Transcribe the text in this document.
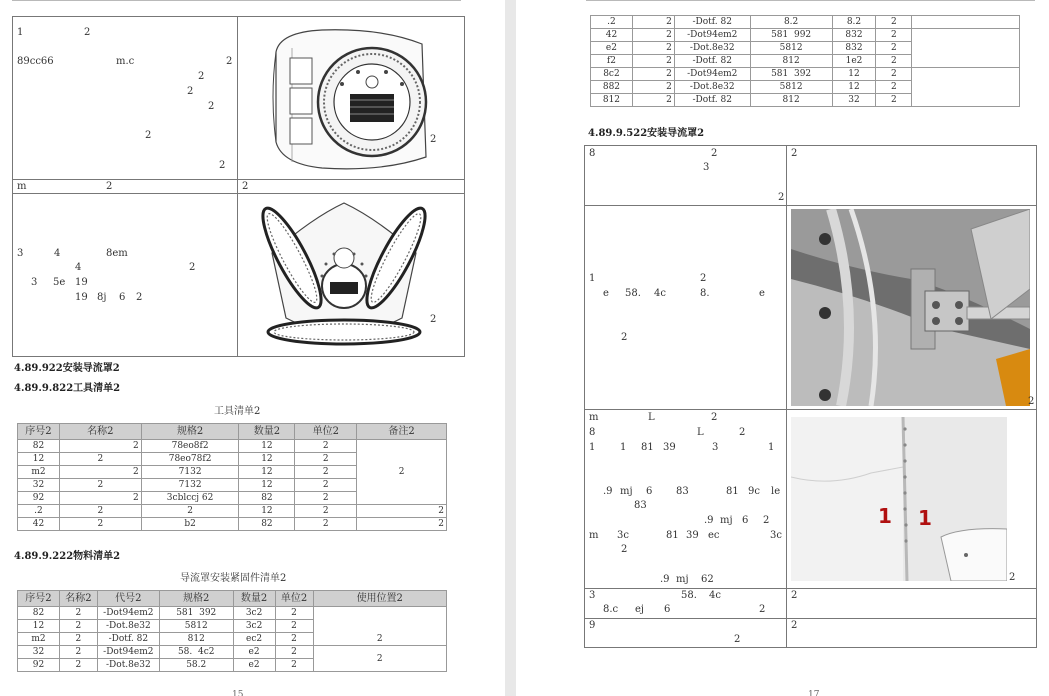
1	2
89cc66	m.c	2
2
2
2
2
2
2
m	2	2
3	4	8em
4	2
3 5e 19
19 8j 6 2
2
4.89.922安装导流罩2
4.89.9.822工具清单2
工具清单2
序号2	名称2	规格2	数量2	单位2	备注2
82	2	78eo8f2	12	2	2
12	2	78eo78f2	12	2	
m2	2	7132	12	2	
32	2	7132	12	2	
92	2	3cblccj 62	82	2	
.2	2	2	12	2	2
42	2	b2	82	2	2
4.89.9.222物料清单2
导流罩安装紧固件清单2
序号2	名称2	代号2	规格2	数量2	单位2	使用位置2
82	2	-Dot94em2	581  392	3c2	2	2
12	2	-Dot.8e32	5812	3c2	2	
m2	2	-Dotf. 82	812	ec2	2	
32	2	-Dot94em2	58.  4c2	e2	2	2
92	2	-Dot.8e32	58.2	e2	2	
15
.2	2	-Dotf. 82	8.2	8.2	2	
42	2	-Dot94em2	581  992	832	2	
e2	2	-Dot.8e32	5812	832	2	
f2	2	-Dotf. 82	812	1e2	2	
8c2	2	-Dot94em2	581  392	12	2	
882	2	-Dot.8e32	5812	12	2	
812	2	-Dotf. 82	812	32	2	
4.89.9.522安装导流罩2
8	2
3
2
2
1	2
e 58. 4c	8.	e
2
2
m	L	2
8	L	2
1 1 81 39	3	1
.9 mj 6 83	81 9c le
83
.9 mj 6 2
m 3c	81 39 ec	3c
2
.9 mj 62
1 1
2
3	58. 4c
8.c ej 6	2
2
9
2
2
17
